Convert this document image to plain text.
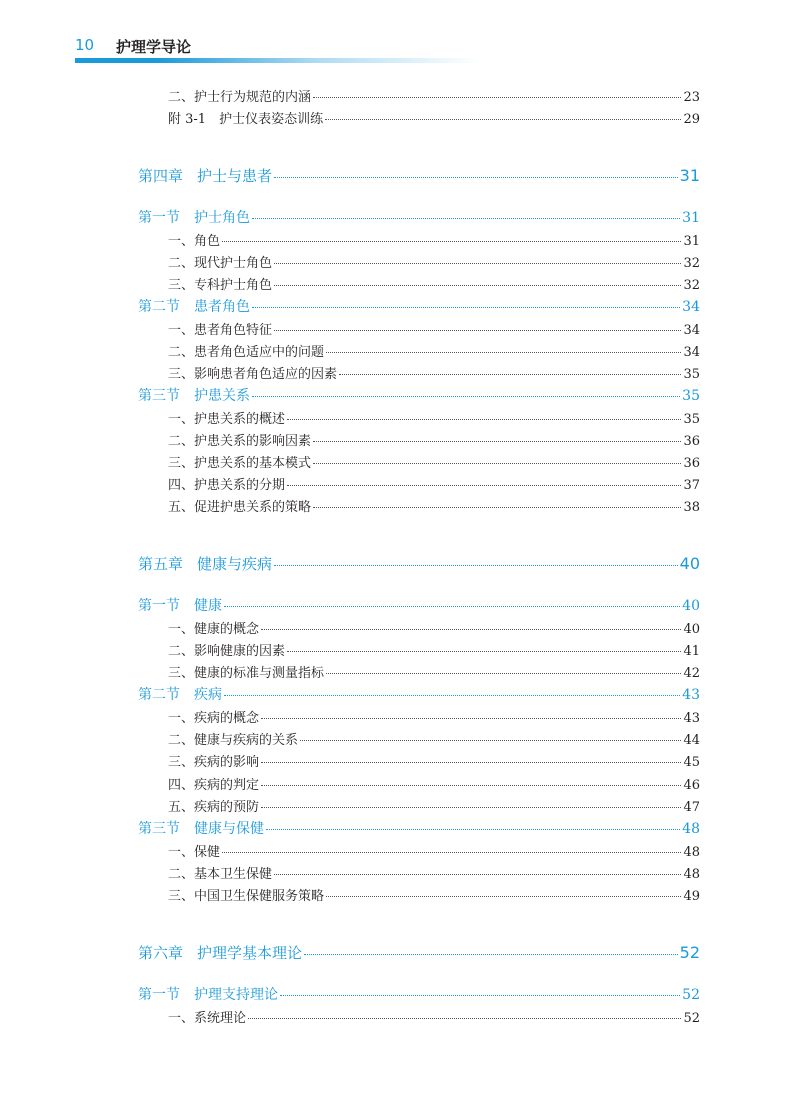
10 护理学导论
二、护士行为规范的内涵	23
附 3-1　护士仪表姿态训练	29
第四章 护士与患者	31
第一节 护士角色	31
一、角色	31
二、现代护士角色	32
三、专科护士角色	32
第二节 患者角色	34
一、患者角色特征	34
二、患者角色适应中的问题	34
三、影响患者角色适应的因素	35
第三节 护患关系	35
一、护患关系的概述	35
二、护患关系的影响因素	36
三、护患关系的基本模式	36
四、护患关系的分期	37
五、促进护患关系的策略	38
第五章 健康与疾病	40
第一节 健康	40
一、健康的概念	40
二、影响健康的因素	41
三、健康的标准与测量指标	42
第二节 疾病	43
一、疾病的概念	43
二、健康与疾病的关系	44
三、疾病的影响	45
四、疾病的判定	46
五、疾病的预防	47
第三节 健康与保健	48
一、保健	48
二、基本卫生保健	48
三、中国卫生保健服务策略	49
第六章 护理学基本理论	52
第一节 护理支持理论	52
一、系统理论	52
